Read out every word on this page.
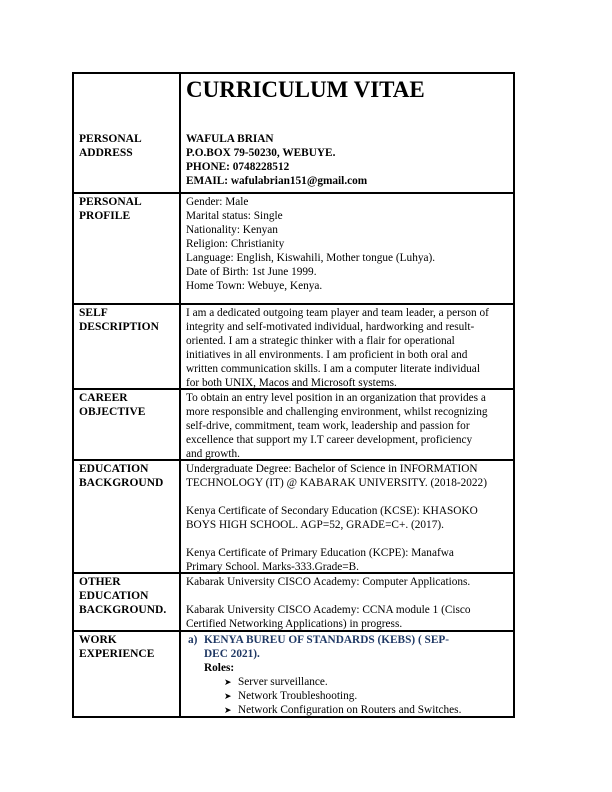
CURRICULUM VITAE
PERSONAL
ADDRESS
WAFULA BRIAN
P.O.BOX 79-50230, WEBUYE.
PHONE: 0748228512
EMAIL: wafulabrian151@gmail.com
PERSONAL
PROFILE
Gender: Male
Marital status: Single
Nationality: Kenyan
Religion: Christianity
Language: English, Kiswahili, Mother tongue (Luhya).
Date of Birth: 1st June 1999.
Home Town: Webuye, Kenya.
SELF
DESCRIPTION
I am a dedicated outgoing team player and team leader, a person of
integrity and self-motivated individual, hardworking and result-
oriented. I am a strategic thinker with a flair for operational
initiatives in all environments. I am proficient in both oral and
written communication skills. I am a computer literate individual
for both UNIX, Macos and Microsoft systems.
CAREER
OBJECTIVE
To obtain an entry level position in an organization that provides a
more responsible and challenging environment, whilst recognizing
self-drive, commitment, team work, leadership and passion for
excellence that support my I.T career development, proficiency
and growth.
EDUCATION
BACKGROUND
Undergraduate Degree: Bachelor of Science in INFORMATION
TECHNOLOGY (IT) @ KABARAK UNIVERSITY. (2018-2022)
Kenya Certificate of Secondary Education (KCSE): KHASOKO
BOYS HIGH SCHOOL. AGP=52, GRADE=C+. (2017).
Kenya Certificate of Primary Education (KCPE): Manafwa
Primary School. Marks-333.Grade=B.
OTHER
EDUCATION
BACKGROUND.
Kabarak University CISCO Academy: Computer Applications.
Kabarak University CISCO Academy: CCNA module 1 (Cisco
Certified Networking Applications) in progress.
WORK
EXPERIENCE
a) KENYA BUREU OF STANDARDS (KEBS) ( SEP-
DEC 2021).
Roles:
➤ Server surveillance.
➤ Network Troubleshooting.
➤ Network Configuration on Routers and Switches.
